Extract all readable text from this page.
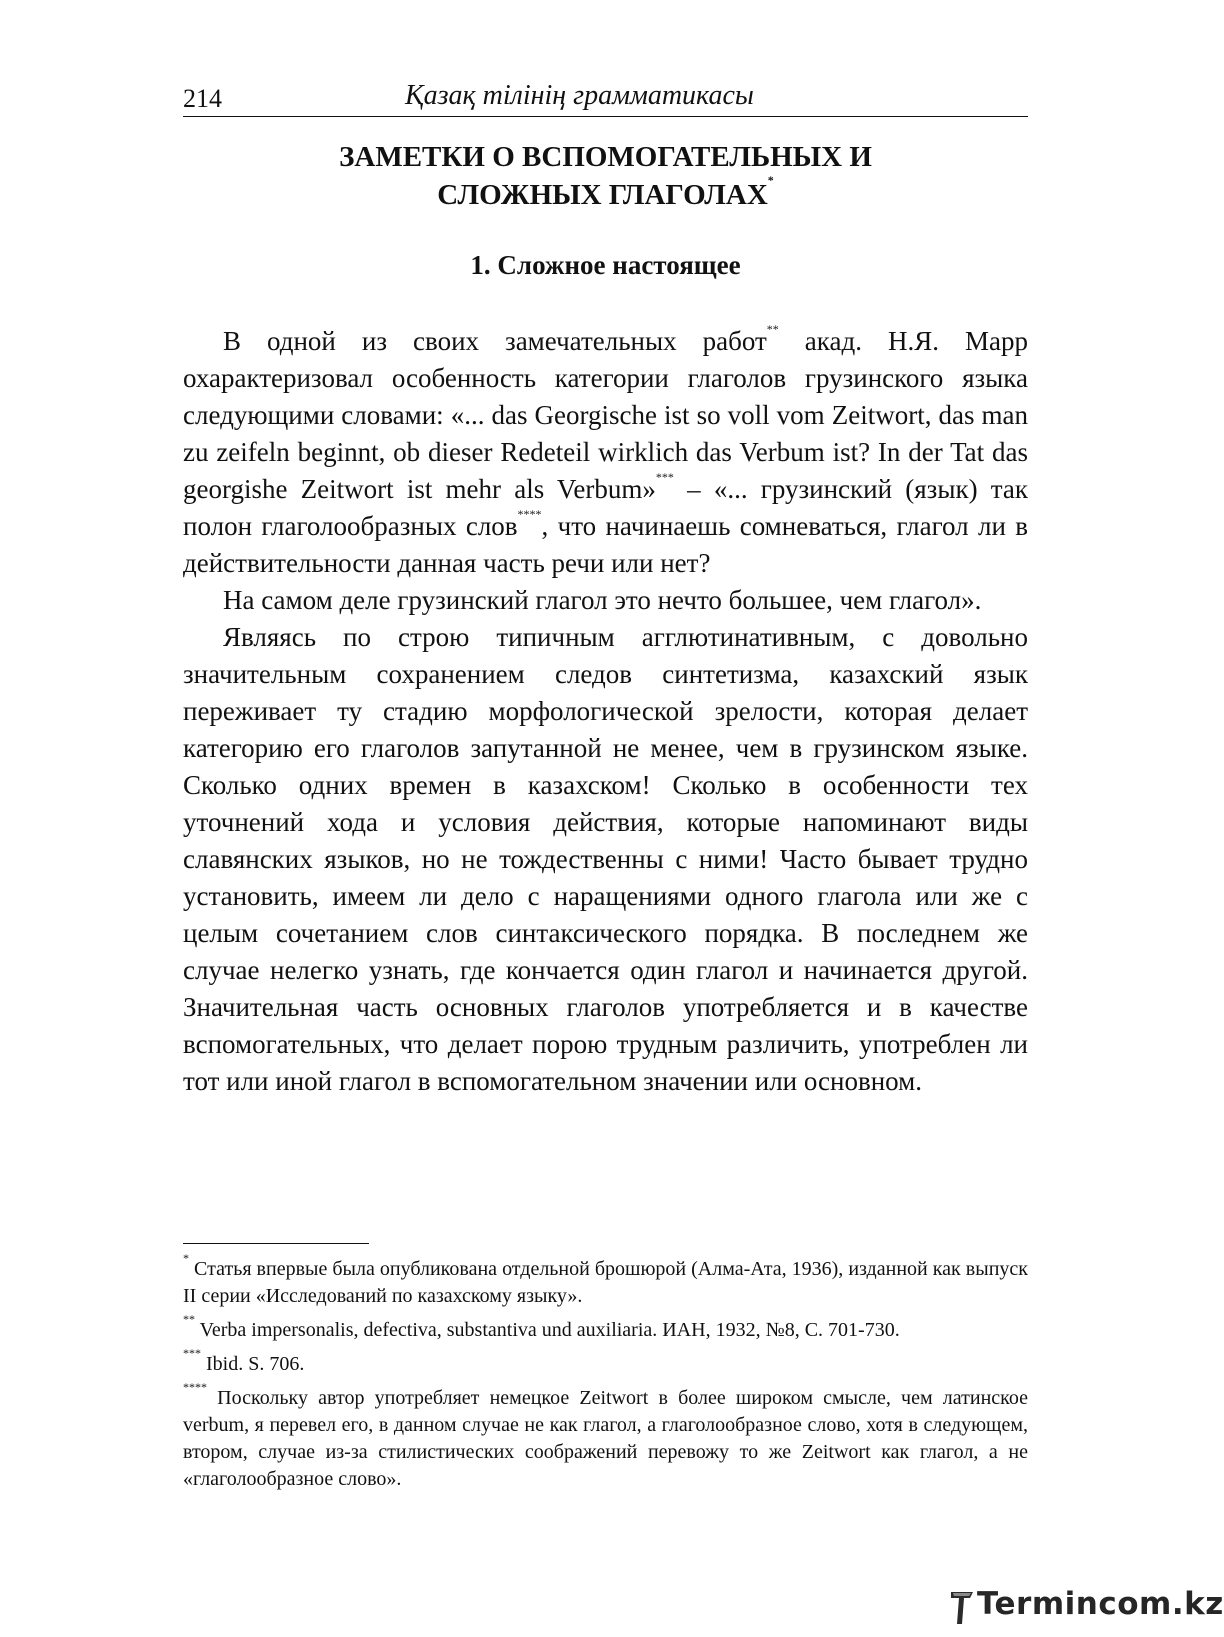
214	Қазақ тілінің грамматикасы
ЗАМЕТКИ О ВСПОМОГАТЕЛЬНЫХ И
СЛОЖНЫХ ГЛАГОЛАХ*
1. Сложное настоящее

В одной из своих замечательных работ** акад. Н.Я. Марр охарактеризовал особенность категории глаголов грузинского языка следующими словами: «... das Georgische ist so voll vom Zeitwort, das man zu zeifeln beginnt, ob dieser Redeteil wirklich das Verbum ist? In der Tat das georgishe Zeitwort ist mehr als Verbum»*** – «... грузинский (язык) так полон глаголообразных слов****, что начинаешь сомневаться, глагол ли в действительности данная часть речи или нет?

На самом деле грузинский глагол это нечто большее, чем глагол».

Являясь по строю типичным агглютинативным, с довольно значительным сохранением следов синтетизма, казахский язык переживает ту стадию морфологической зрелости, которая делает категорию его глаголов запутанной не менее, чем в грузинском языке. Сколько одних времен в казахском! Сколько в особенности тех уточнений хода и условия действия, которые напоминают виды славянских языков, но не тождественны с ними! Часто бывает трудно установить, имеем ли дело с наращениями одного глагола или же с целым сочетанием слов синтаксического порядка. В последнем же случае нелегко узнать, где кончается один глагол и начинается другой. Значительная часть основных глаголов употребляется и в качестве вспомогательных, что делает порою трудным различить, употреблен ли тот или иной глагол в вспомогательном значении или основном.

* Статья впервые была опубликована отдельной брошюрой (Алма-Ата, 1936), изданной как выпуск II серии «Исследований по казахскому языку».

** Verba impersonalis, defectiva, substantiva und auxiliaria. ИАН, 1932, №8, С. 701-730.

*** Ibid. S. 706.

**** Поскольку автор употребляет немецкое Zeitwort в более широком смысле, чем латинское verbum, я перевел его, в данном случае не как глагол, а глаголообразное слово, хотя в следующем, втором, случае из-за стилистических соображений перевожу то же Zeitwort как глагол, а не «глаголообразное слово».

Termincom.kz
